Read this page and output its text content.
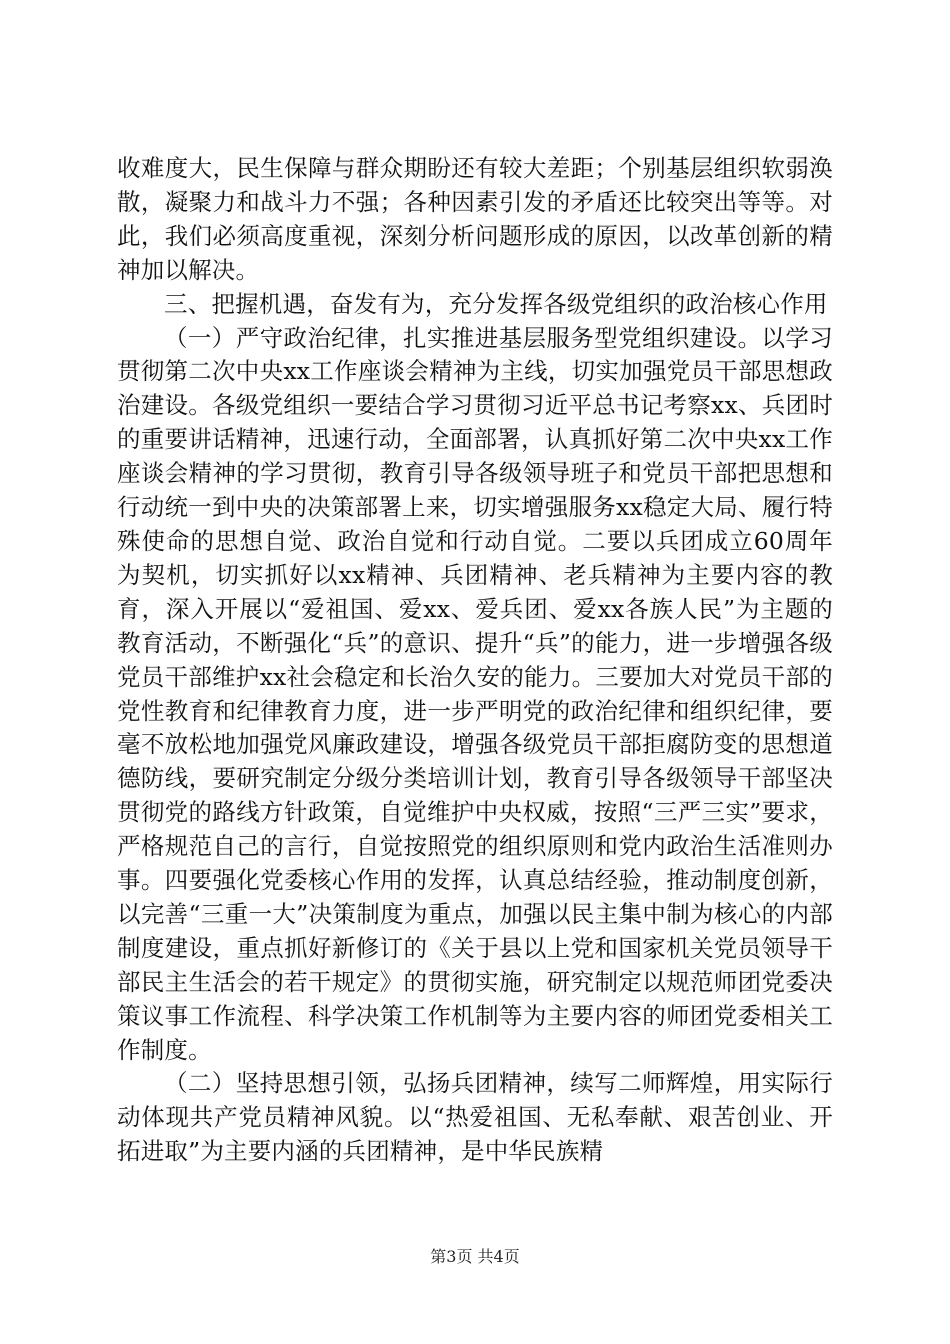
收难度大，民生保障与群众期盼还有较大差距；个别基层组织软弱涣散，凝聚力和战斗力不强；各种因素引发的矛盾还比较突出等等。对此，我们必须高度重视，深刻分析问题形成的原因，以改革创新的精神加以解决。

三、把握机遇，奋发有为，充分发挥各级党组织的政治核心作用

（一）严守政治纪律，扎实推进基层服务型党组织建设。以学习贯彻第二次中央xx工作座谈会精神为主线，切实加强党员干部思想政治建设。各级党组织一要结合学习贯彻习近平总书记考察xx、兵团时的重要讲话精神，迅速行动，全面部署，认真抓好第二次中央xx工作座谈会精神的学习贯彻，教育引导各级领导班子和党员干部把思想和行动统一到中央的决策部署上来，切实增强服务xx稳定大局、履行特殊使命的思想自觉、政治自觉和行动自觉。二要以兵团成立60周年为契机，切实抓好以xx精神、兵团精神、老兵精神为主要内容的教育，深入开展以“爱祖国、爱xx、爱兵团、爱xx各族人民”为主题的教育活动，不断强化“兵”的意识、提升“兵”的能力，进一步增强各级党员干部维护xx社会稳定和长治久安的能力。三要加大对党员干部的党性教育和纪律教育力度，进一步严明党的政治纪律和组织纪律，要毫不放松地加强党风廉政建设，增强各级党员干部拒腐防变的思想道德防线，要研究制定分级分类培训计划，教育引导各级领导干部坚决贯彻党的路线方针政策，自觉维护中央权威，按照“三严三实”要求，严格规范自己的言行，自觉按照党的组织原则和党内政治生活准则办事。四要强化党委核心作用的发挥，认真总结经验，推动制度创新，以完善“三重一大”决策制度为重点，加强以民主集中制为核心的内部制度建设，重点抓好新修订的《关于县以上党和国家机关党员领导干部民主生活会的若干规定》的贯彻实施，研究制定以规范师团党委决策议事工作流程、科学决策工作机制等为主要内容的师团党委相关工作制度。

（二）坚持思想引领，弘扬兵团精神，续写二师辉煌，用实际行动体现共产党员精神风貌。以“热爱祖国、无私奉献、艰苦创业、开拓进取”为主要内涵的兵团精神，是中华民族精

第3页 共4页
